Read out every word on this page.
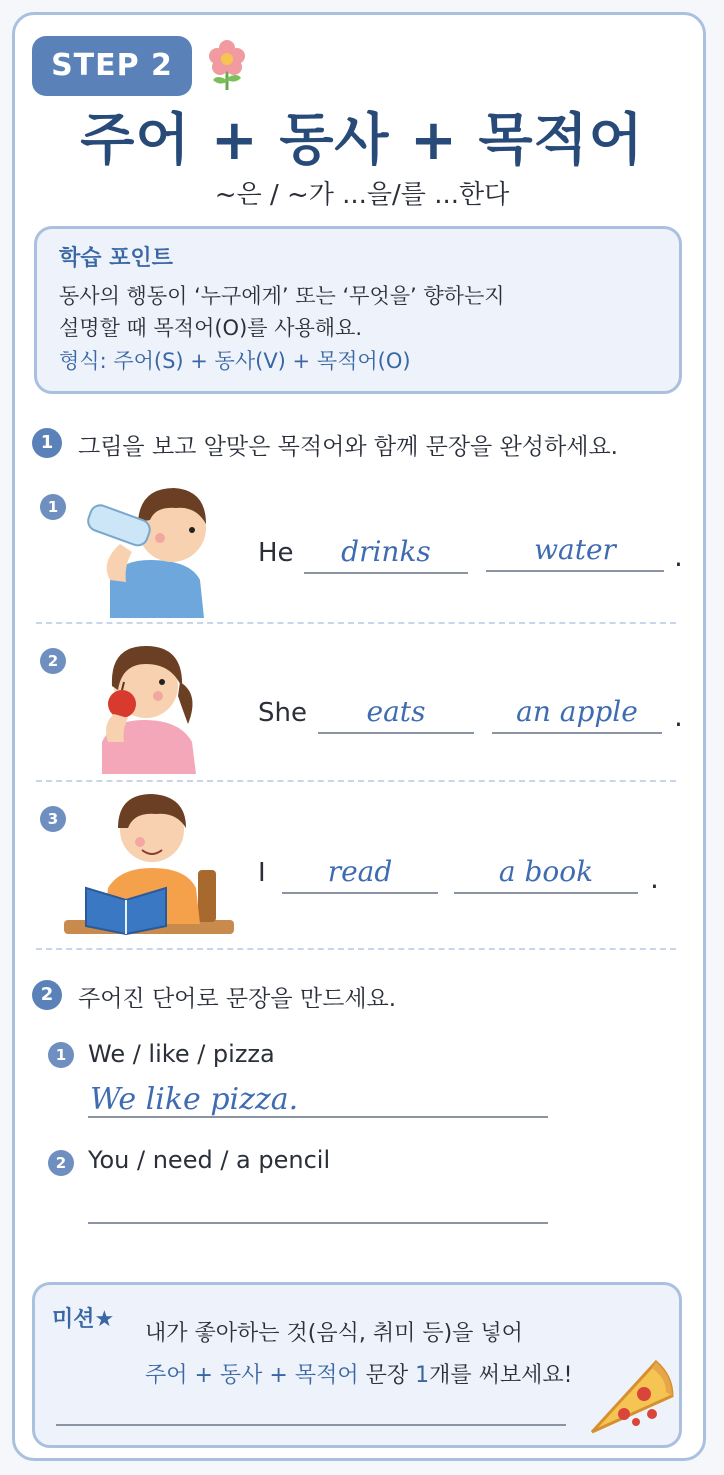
STEP 2
주어 + 동사 + 목적어
~은 / ~가 ...을/를 ...한다
학습 포인트
동사의 행동이 ‘누구에게’ 또는 ‘무엇을’ 향하는지
설명할 때 목적어(O)를 사용해요.
형식: 주어(S) + 동사(V) + 목적어(O)
1	그림을 보고 알맞은 목적어와 함께 문장을 완성하세요.
1
He	drinks	water	.
2
She	eats	an apple	.
3
I	read	a book	.
2	주어진 단어로 문장을 만드세요.
1 We / like / pizza
We like pizza.
2 You / need / a pencil
미션★
내가 좋아하는 것(음식, 취미 등)을 넣어
주어 + 동사 + 목적어 문장 1개를 써보세요!
